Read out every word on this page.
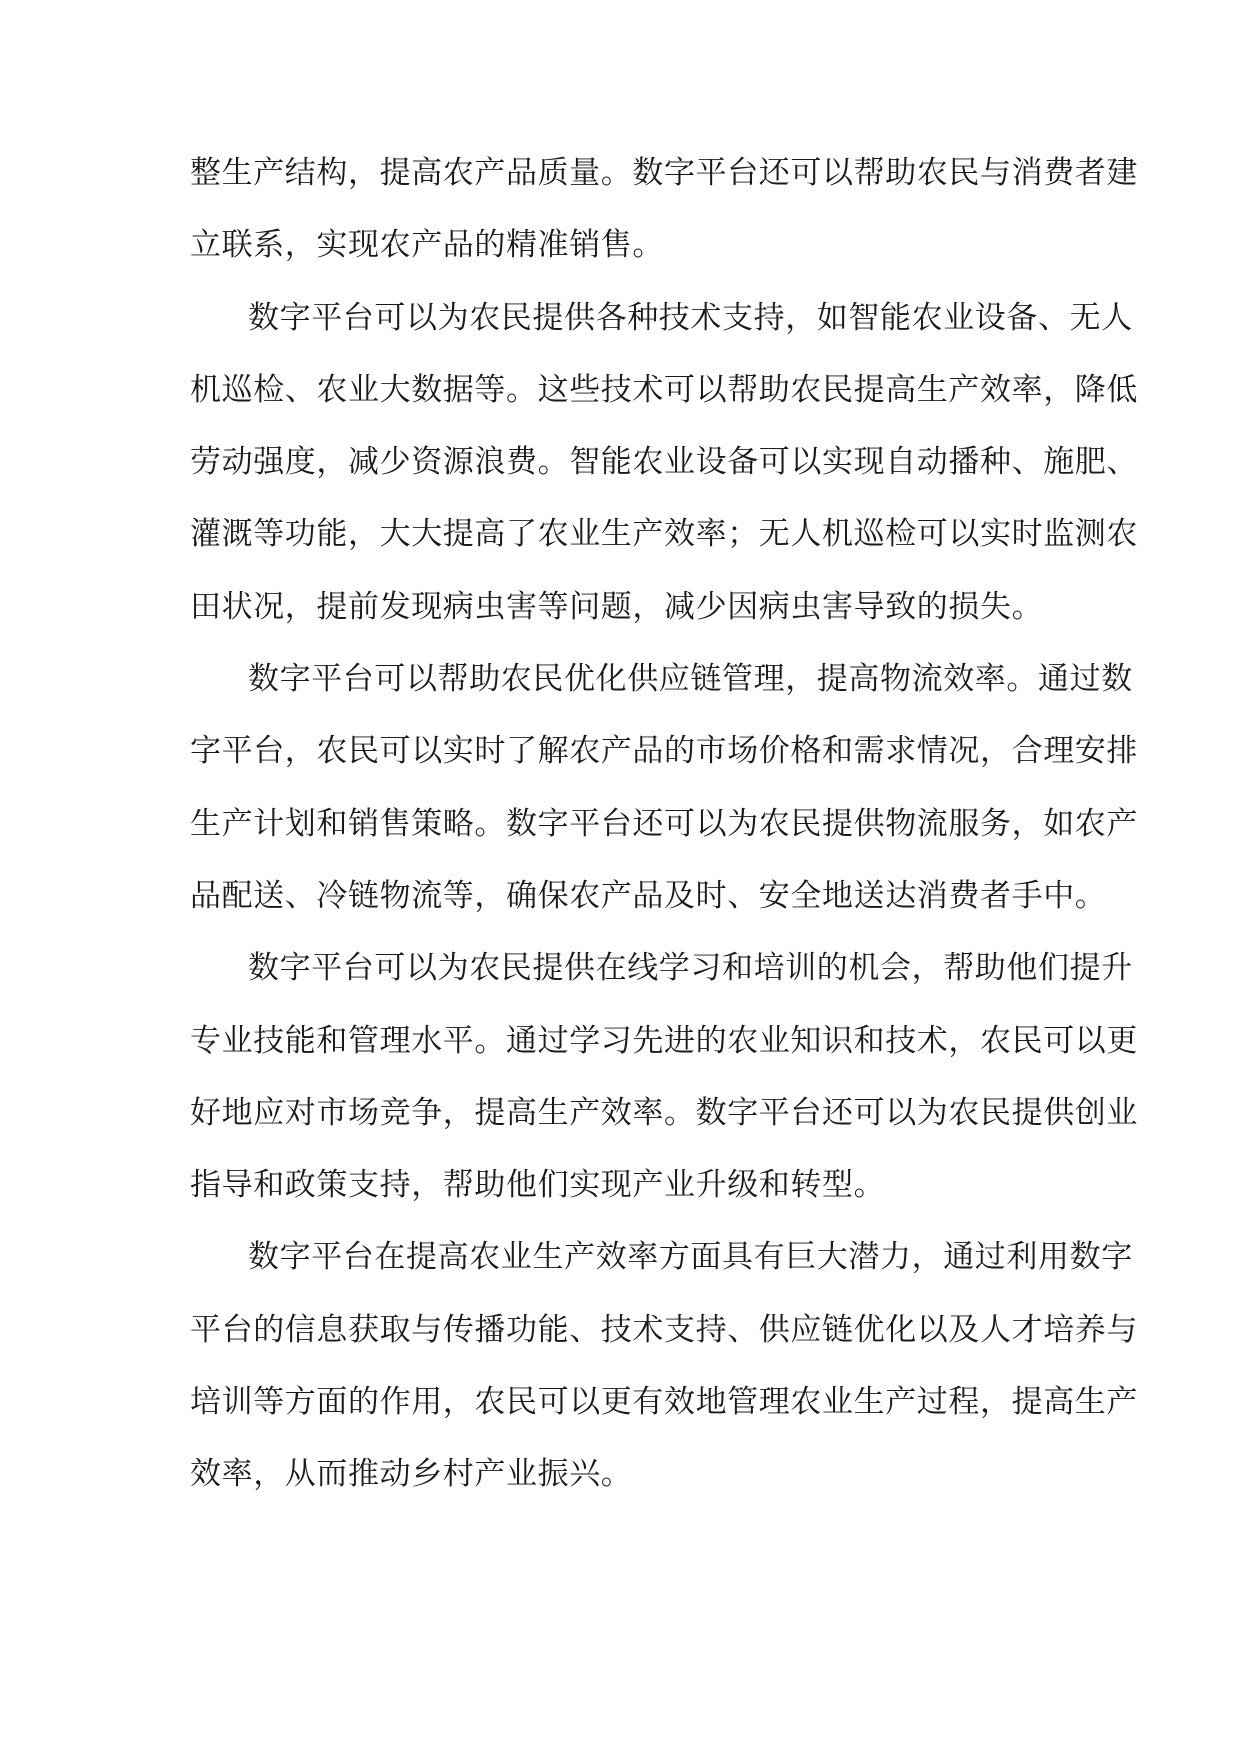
整生产结构，提高农产品质量。数字平台还可以帮助农民与消费者建
立联系，实现农产品的精准销售。
数字平台可以为农民提供各种技术支持，如智能农业设备、无人
机巡检、农业大数据等。这些技术可以帮助农民提高生产效率，降低
劳动强度，减少资源浪费。智能农业设备可以实现自动播种、施肥、
灌溉等功能，大大提高了农业生产效率；无人机巡检可以实时监测农
田状况，提前发现病虫害等问题，减少因病虫害导致的损失。
数字平台可以帮助农民优化供应链管理，提高物流效率。通过数
字平台，农民可以实时了解农产品的市场价格和需求情况，合理安排
生产计划和销售策略。数字平台还可以为农民提供物流服务，如农产
品配送、冷链物流等，确保农产品及时、安全地送达消费者手中。
数字平台可以为农民提供在线学习和培训的机会，帮助他们提升
专业技能和管理水平。通过学习先进的农业知识和技术，农民可以更
好地应对市场竞争，提高生产效率。数字平台还可以为农民提供创业
指导和政策支持，帮助他们实现产业升级和转型。
数字平台在提高农业生产效率方面具有巨大潜力，通过利用数字
平台的信息获取与传播功能、技术支持、供应链优化以及人才培养与
培训等方面的作用，农民可以更有效地管理农业生产过程，提高生产
效率，从而推动乡村产业振兴。
